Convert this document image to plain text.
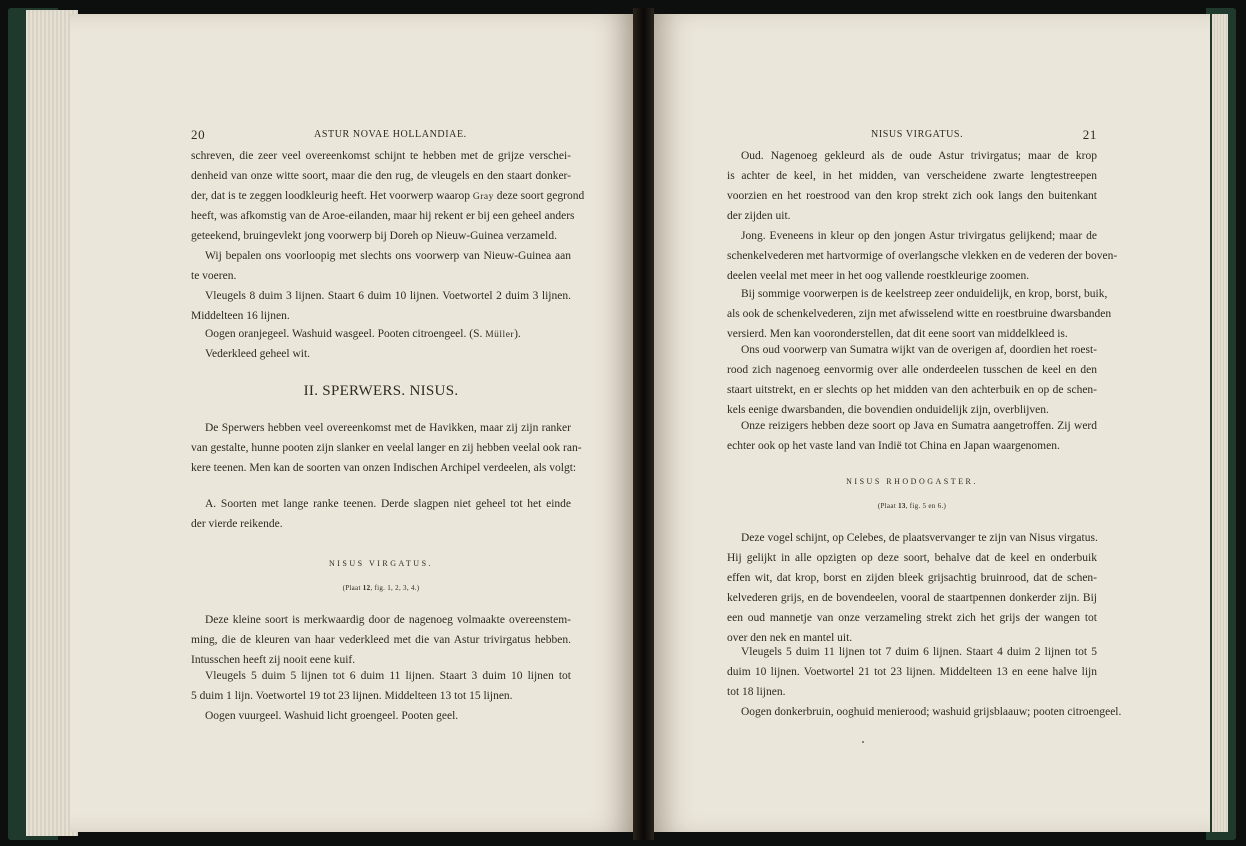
20	ASTUR NOVAE HOLLANDIAE.
schreven, die zeer veel overeenkomst schijnt te hebben met de grijze verschei-
denheid van onze witte soort, maar die den rug, de vleugels en den staart donker-
der, dat is te zeggen loodkleurig heeft. Het voorwerp waarop Gray deze soort gegrond
heeft, was afkomstig van de Aroe-eilanden, maar hij rekent er bij een geheel anders
geteekend, bruingevlekt jong voorwerp bij Doreh op Nieuw-Guinea verzameld.
Wij bepalen ons voorloopig met slechts ons voorwerp van Nieuw-Guinea aan
te voeren.
Vleugels 8 duim 3 lijnen. Staart 6 duim 10 lijnen. Voetwortel 2 duim 3 lijnen.
Middelteen 16 lijnen.
Oogen oranjegeel. Washuid wasgeel. Pooten citroengeel. (S. Müller).
Vederkleed geheel wit.
II. SPERWERS. NISUS.
De Sperwers hebben veel overeenkomst met de Havikken, maar zij zijn ranker
van gestalte, hunne pooten zijn slanker en veelal langer en zij hebben veelal ook ran-
kere teenen. Men kan de soorten van onzen Indischen Archipel verdeelen, als volgt:
A. Soorten met lange ranke teenen. Derde slagpen niet geheel tot het einde
der vierde reikende.
NISUS VIRGATUS.
(Plaat 12, fig. 1, 2, 3, 4.)
Deze kleine soort is merkwaardig door de nagenoeg volmaakte overeenstem-
ming, die de kleuren van haar vederkleed met die van Astur trivirgatus hebben.
Intusschen heeft zij nooit eene kuif.
Vleugels 5 duim 5 lijnen tot 6 duim 11 lijnen. Staart 3 duim 10 lijnen tot
5 duim 1 lijn. Voetwortel 19 tot 23 lijnen. Middelteen 13 tot 15 lijnen.
Oogen vuurgeel. Washuid licht groengeel. Pooten geel.
NISUS VIRGATUS.	21
Oud. Nagenoeg gekleurd als de oude Astur trivirgatus; maar de krop
is achter de keel, in het midden, van verscheidene zwarte lengtestreepen
voorzien en het roestrood van den krop strekt zich ook langs den buitenkant
der zijden uit.
Jong. Eveneens in kleur op den jongen Astur trivirgatus gelijkend; maar de
schenkelvederen met hartvormige of overlangsche vlekken en de vederen der boven-
deelen veelal met meer in het oog vallende roestkleurige zoomen.
Bij sommige voorwerpen is de keelstreep zeer onduidelijk, en krop, borst, buik,
als ook de schenkelvederen, zijn met afwisselend witte en roestbruine dwarsbanden
versierd. Men kan vooronderstellen, dat dit eene soort van middelkleed is.
Ons oud voorwerp van Sumatra wijkt van de overigen af, doordien het roest-
rood zich nagenoeg eenvormig over alle onderdeelen tusschen de keel en den
staart uitstrekt, en er slechts op het midden van den achterbuik en op de schen-
kels eenige dwarsbanden, die bovendien onduidelijk zijn, overblijven.
Onze reizigers hebben deze soort op Java en Sumatra aangetroffen. Zij werd
echter ook op het vaste land van Indië tot China en Japan waargenomen.
NISUS RHODOGASTER.
(Plaat 13, fig. 5 en 6.)
Deze vogel schijnt, op Celebes, de plaatsvervanger te zijn van Nisus virgatus.
Hij gelijkt in alle opzigten op deze soort, behalve dat de keel en onderbuik
effen wit, dat krop, borst en zijden bleek grijsachtig bruinrood, dat de schen-
kelvederen grijs, en de bovendeelen, vooral de staartpennen donkerder zijn. Bij
een oud mannetje van onze verzameling strekt zich het grijs der wangen tot
over den nek en mantel uit.
Vleugels 5 duim 11 lijnen tot 7 duim 6 lijnen. Staart 4 duim 2 lijnen tot 5
duim 10 lijnen. Voetwortel 21 tot 23 lijnen. Middelteen 13 en eene halve lijn
tot 18 lijnen.
Oogen donkerbruin, ooghuid menierood; washuid grijsblaauw; pooten citroengeel.
